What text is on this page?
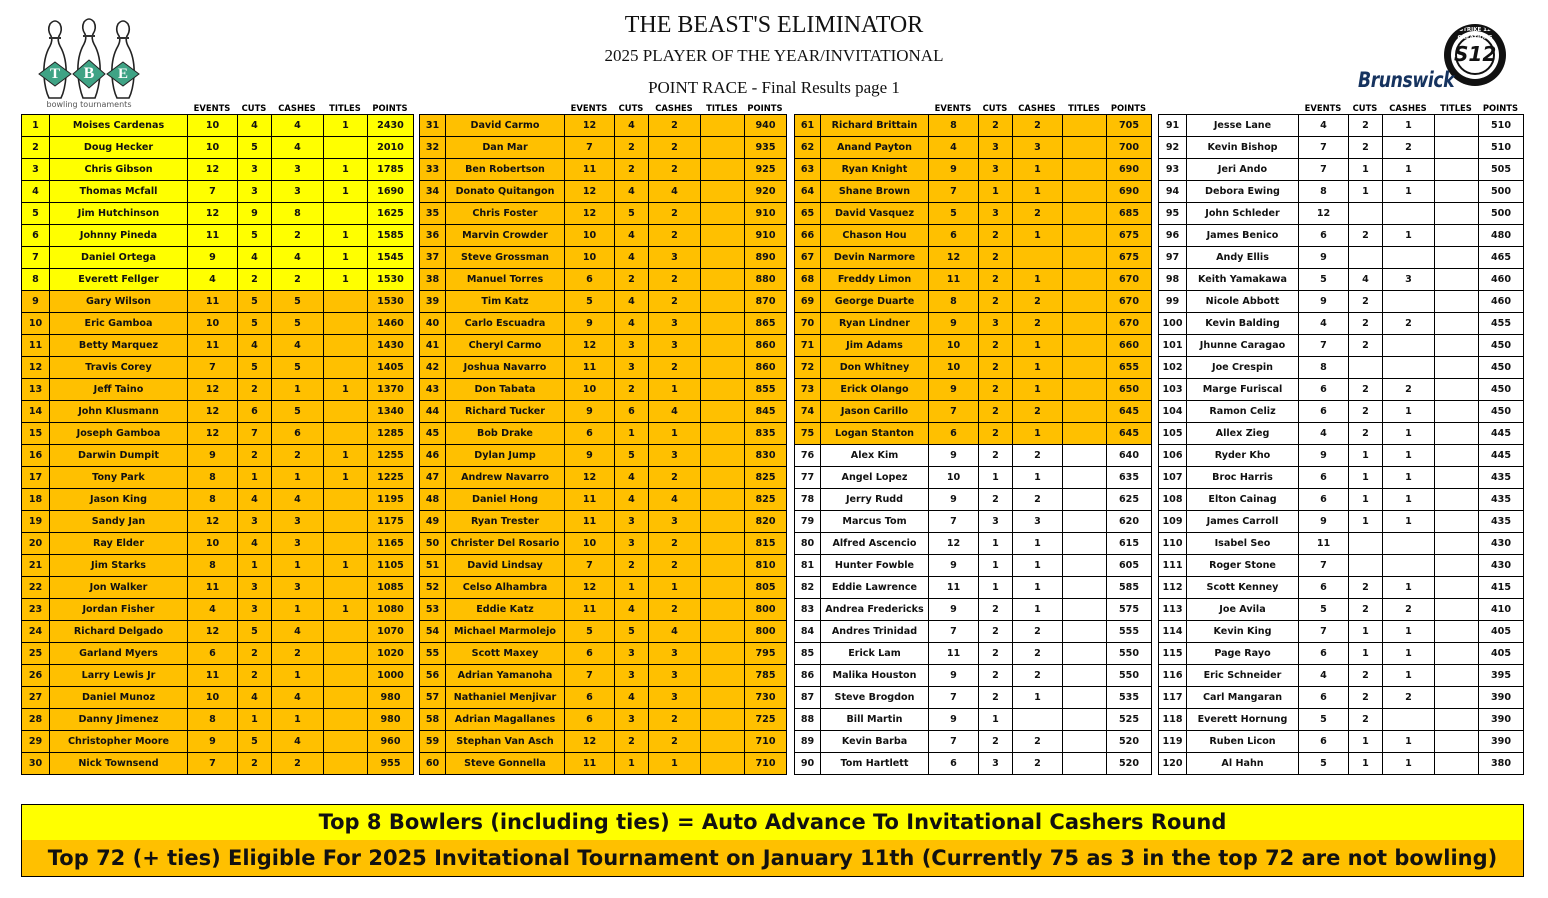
THE BEAST'S ELIMINATOR
2025 PLAYER OF THE YEAR/INVITATIONAL
POINT RACE - Final Results page 1
T B E
bowling tournaments
STRIKE 12 CREATIONS
S12
Brunswick
EVENTS	CUTS	CASHES	TITLES	POINTS	EVENTS	CUTS	CASHES	TITLES	POINTS	EVENTS	CUTS	CASHES	TITLES	POINTS	EVENTS	CUTS	CASHES	TITLES	POINTS
1	Moises Cardenas	10	4	4	1	2430
2	Doug Hecker	10	5	4		2010
3	Chris Gibson	12	3	3	1	1785
4	Thomas Mcfall	7	3	3	1	1690
5	Jim Hutchinson	12	9	8		1625
6	Johnny Pineda	11	5	2	1	1585
7	Daniel Ortega	9	4	4	1	1545
8	Everett Fellger	4	2	2	1	1530
9	Gary Wilson	11	5	5		1530
10	Eric Gamboa	10	5	5		1460
11	Betty Marquez	11	4	4		1430
12	Travis Corey	7	5	5		1405
13	Jeff Taino	12	2	1	1	1370
14	John Klusmann	12	6	5		1340
15	Joseph Gamboa	12	7	6		1285
16	Darwin Dumpit	9	2	2	1	1255
17	Tony Park	8	1	1	1	1225
18	Jason King	8	4	4		1195
19	Sandy Jan	12	3	3		1175
20	Ray Elder	10	4	3		1165
21	Jim Starks	8	1	1	1	1105
22	Jon Walker	11	3	3		1085
23	Jordan Fisher	4	3	1	1	1080
24	Richard Delgado	12	5	4		1070
25	Garland Myers	6	2	2		1020
26	Larry Lewis Jr	11	2	1		1000
27	Daniel Munoz	10	4	4		980
28	Danny Jimenez	8	1	1		980
29	Christopher Moore	9	5	4		960
30	Nick Townsend	7	2	2		955
31	David Carmo	12	4	2		940
32	Dan Mar	7	2	2		935
33	Ben Robertson	11	2	2		925
34	Donato Quitangon	12	4	4		920
35	Chris Foster	12	5	2		910
36	Marvin Crowder	10	4	2		910
37	Steve Grossman	10	4	3		890
38	Manuel Torres	6	2	2		880
39	Tim Katz	5	4	2		870
40	Carlo Escuadra	9	4	3		865
41	Cheryl Carmo	12	3	3		860
42	Joshua Navarro	11	3	2		860
43	Don Tabata	10	2	1		855
44	Richard Tucker	9	6	4		845
45	Bob Drake	6	1	1		835
46	Dylan Jump	9	5	3		830
47	Andrew Navarro	12	4	2		825
48	Daniel Hong	11	4	4		825
49	Ryan Trester	11	3	3		820
50	Christer Del Rosario	10	3	2		815
51	David Lindsay	7	2	2		810
52	Celso Alhambra	12	1	1		805
53	Eddie Katz	11	4	2		800
54	Michael Marmolejo	5	5	4		800
55	Scott Maxey	6	3	3		795
56	Adrian Yamanoha	7	3	3		785
57	Nathaniel Menjivar	6	4	3		730
58	Adrian Magallanes	6	3	2		725
59	Stephan Van Asch	12	2	2		710
60	Steve Gonnella	11	1	1		710
61	Richard Brittain	8	2	2		705
62	Anand Payton	4	3	3		700
63	Ryan Knight	9	3	1		690
64	Shane Brown	7	1	1		690
65	David Vasquez	5	3	2		685
66	Chason Hou	6	2	1		675
67	Devin Narmore	12	2			675
68	Freddy Limon	11	2	1		670
69	George Duarte	8	2	2		670
70	Ryan Lindner	9	3	2		670
71	Jim Adams	10	2	1		660
72	Don Whitney	10	2	1		655
73	Erick Olango	9	2	1		650
74	Jason Carillo	7	2	2		645
75	Logan Stanton	6	2	1		645
76	Alex Kim	9	2	2		640
77	Angel Lopez	10	1	1		635
78	Jerry Rudd	9	2	2		625
79	Marcus Tom	7	3	3		620
80	Alfred Ascencio	12	1	1		615
81	Hunter Fowble	9	1	1		605
82	Eddie Lawrence	11	1	1		585
83	Andrea Fredericks	9	2	1		575
84	Andres Trinidad	7	2	2		555
85	Erick Lam	11	2	2		550
86	Malika Houston	9	2	2		550
87	Steve Brogdon	7	2	1		535
88	Bill Martin	9	1			525
89	Kevin Barba	7	2	2		520
90	Tom Hartlett	6	3	2		520
91	Jesse Lane	4	2	1		510
92	Kevin Bishop	7	2	2		510
93	Jeri Ando	7	1	1		505
94	Debora Ewing	8	1	1		500
95	John Schleder	12				500
96	James Benico	6	2	1		480
97	Andy Ellis	9				465
98	Keith Yamakawa	5	4	3		460
99	Nicole Abbott	9	2			460
100	Kevin Balding	4	2	2		455
101	Jhunne Caragao	7	2			450
102	Joe Crespin	8				450
103	Marge Furiscal	6	2	2		450
104	Ramon Celiz	6	2	1		450
105	Allex Zieg	4	2	1		445
106	Ryder Kho	9	1	1		445
107	Broc Harris	6	1	1		435
108	Elton Cainag	6	1	1		435
109	James Carroll	9	1	1		435
110	Isabel Seo	11				430
111	Roger Stone	7				430
112	Scott Kenney	6	2	1		415
113	Joe Avila	5	2	2		410
114	Kevin King	7	1	1		405
115	Page Rayo	6	1	1		405
116	Eric Schneider	4	2	1		395
117	Carl Mangaran	6	2	2		390
118	Everett Hornung	5	2			390
119	Ruben Licon	6	1	1		390
120	Al Hahn	5	1	1		380
Top 8 Bowlers (including ties) = Auto Advance To Invitational Cashers Round
Top 72 (+ ties) Eligible For 2025 Invitational Tournament on January 11th (Currently 75 as 3 in the top 72 are not bowling)
